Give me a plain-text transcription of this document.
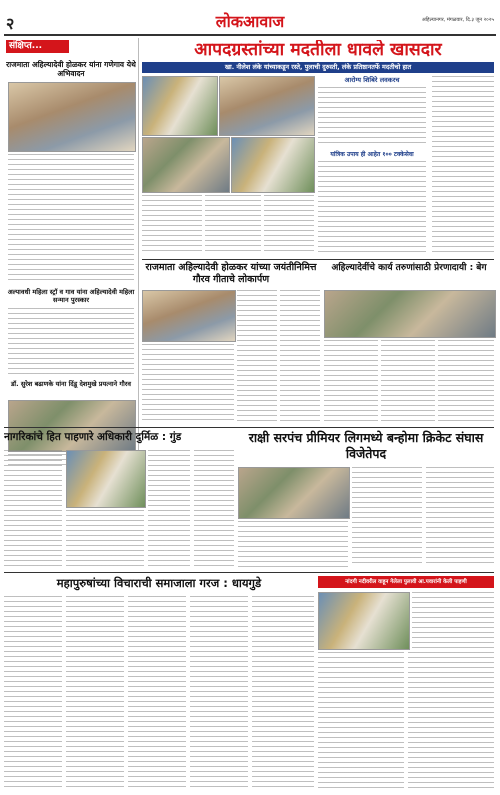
२	लोकआवाज	अहिल्यानगर, मंगळवार, दि.३ जून २०२५
संक्षिप्त...
राजमाता अहिल्यादेवी होळकर यांना गणेगाव येथे अभिवादन
अल्पावधी महिला स्ट्रॉ व गाव यांना अहिल्यादेवी महिला सन्मान पुरस्कार
डॉ. सुरेश बढाणके यांना दिंडू देशमुखे प्रयत्नाने गौरव
आपदग्रस्तांच्या मदतीला धावले खासदार
खा. नीलेश लंके यांच्याकडून रस्ते, पुलाची दुरुस्ती, लंके प्रतिष्ठानतर्फे मदतीचो हात
आरोग्य शिबिरे लवकरच
यांत्रिक उपाय ही आहेत १०० टक्केसेवा
राजमाता अहिल्यादेवी होळकर यांच्या जयंतीनिमित्त गौरव गीताचे लोकार्पण
अहिल्यादेवींचे कार्य तरुणांसाठी प्रेरणादायी : बेग
नागरिकांचे हित पाहणारे अधिकारी दुर्मिळ : गुंड	राक्षी सरपंच प्रीमियर लिगमध्ये बन्होमा क्रिकेट संघास विजेतेपद
महापुरुषांच्या विचाराची समाजाला गरज : धायगुडे	नांदगी नदीवरील वाहून गेलेला पुलावी आ.पवारांनी केली पाहणी
